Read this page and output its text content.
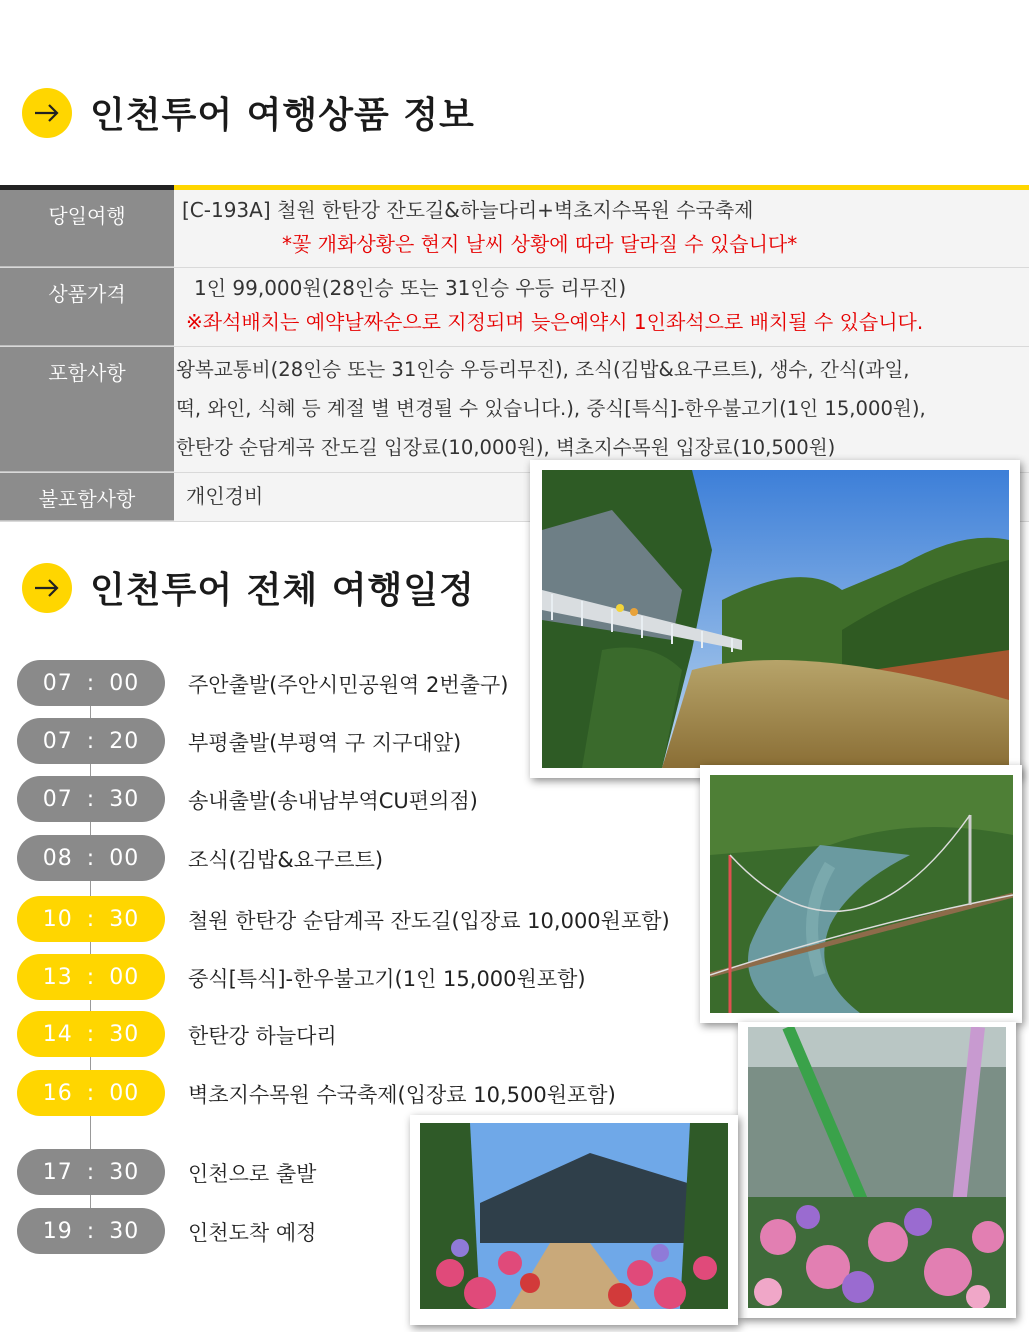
인천투어 여행상품 정보
당일여행	[C-193A] 철원 한탄강 잔도길&하늘다리+벽초지수목원 수국축제
*꽃 개화상황은 현지 날씨 상황에 따라 달라질 수 있습니다*
상품가격	1인 99,000원(28인승 또는 31인승 우등 리무진)
※좌석배치는 예약날짜순으로 지정되며 늦은예약시 1인좌석으로 배치될 수 있습니다.
포함사항	왕복교통비(28인승 또는 31인승 우등리무진), 조식(김밥&요구르트), 생수, 간식(과일,
떡, 와인, 식혜 등 계절 별 변경될 수 있습니다.), 중식[특식]-한우불고기(1인 15,000원),
한탄강 순담계곡 잔도길 입장료(10,000원), 벽초지수목원 입장료(10,500원)
불포함사항	개인경비
인천투어 전체 여행일정
07 : 00 주안출발(주안시민공원역 2번출구)
07 : 20 부평출발(부평역 구 지구대앞)
07 : 30 송내출발(송내남부역CU편의점)
08 : 00 조식(김밥&요구르트)
10 : 30 철원 한탄강 순담계곡 잔도길(입장료 10,000원포함)
13 : 00 중식[특식]-한우불고기(1인 15,000원포함)
14 : 30 한탄강 하늘다리
16 : 00 벽초지수목원 수국축제(입장료 10,500원포함)
17 : 30 인천으로 출발
19 : 30 인천도착 예정
